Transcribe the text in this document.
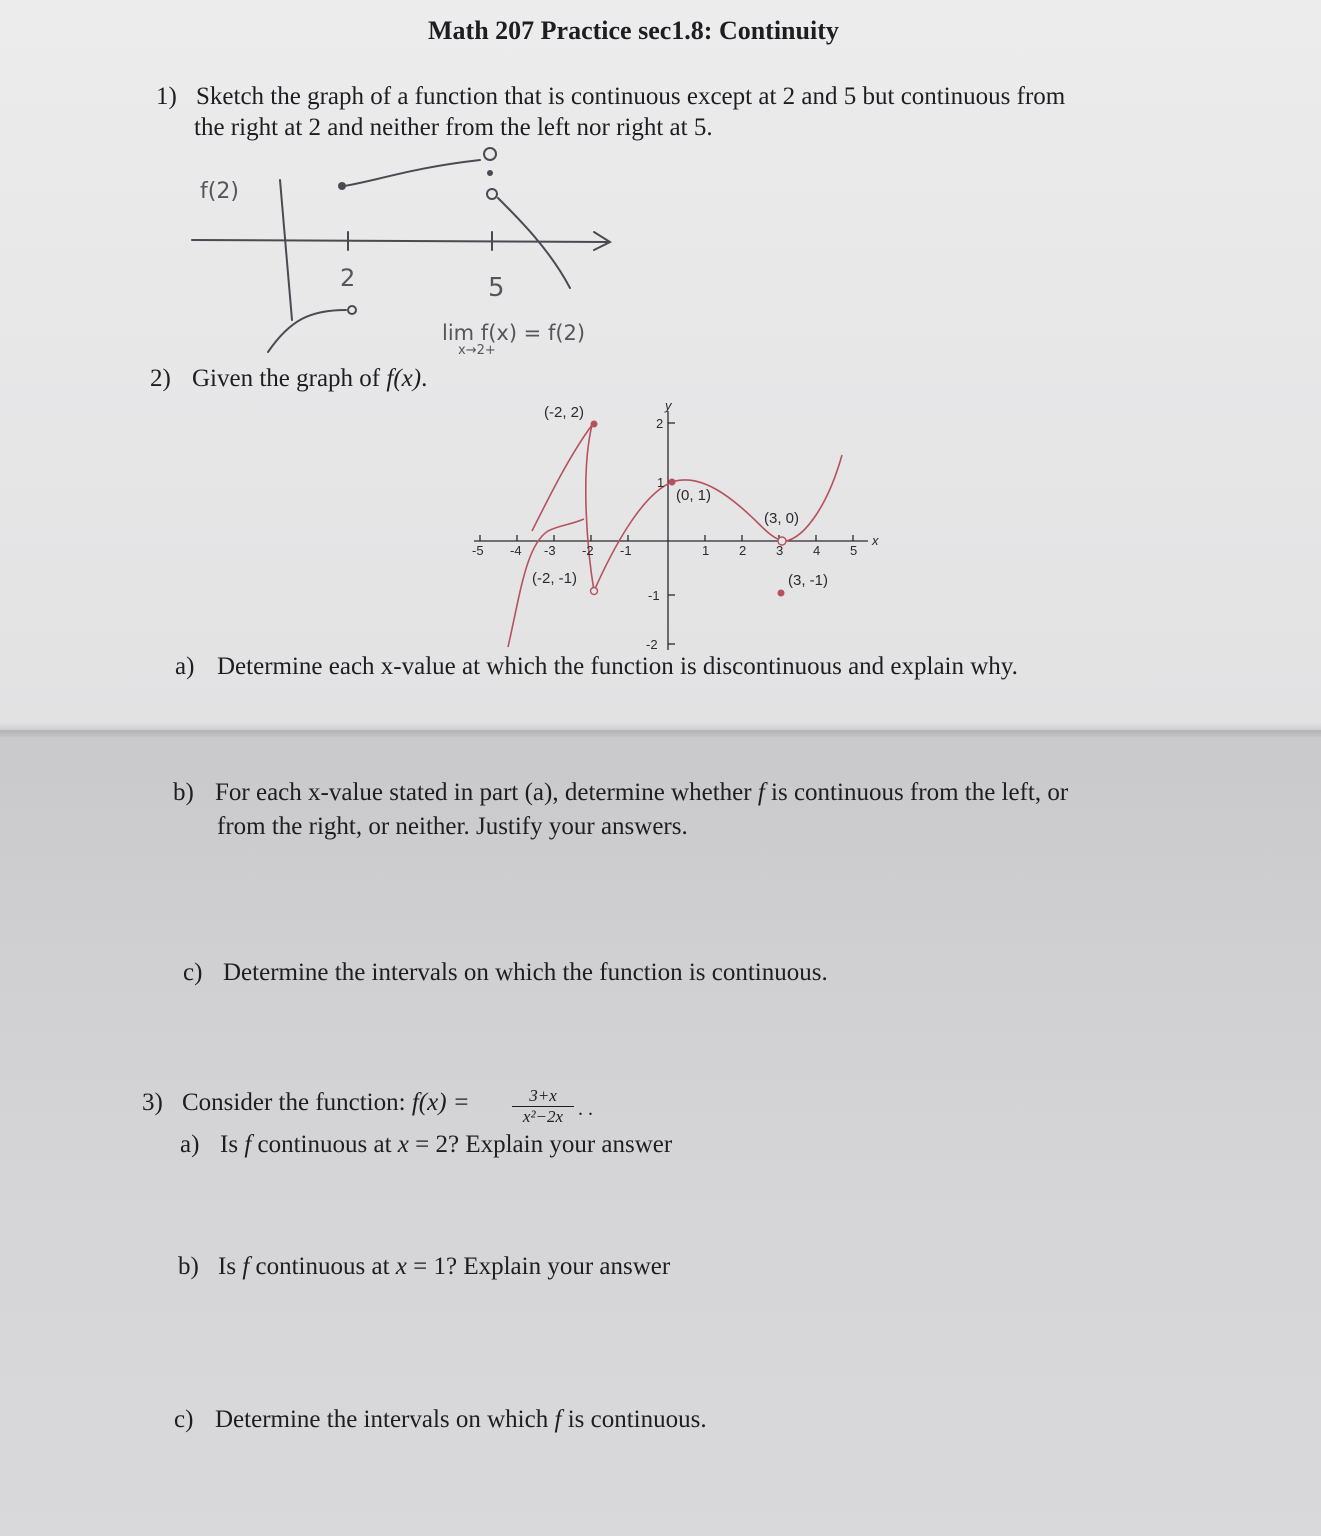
Math 207 Practice sec1.8: Continuity
1) Sketch the graph of a function that is continuous except at 2 and 5 but continuous from
the right at 2 and neither from the left nor right at 5.
f(2)
2	5
lim f(x) = f(2)
x→2+
2) Given the graph of f(x).
-5 -4 -3 -2 -1	1 2 3 4 5
2
1
-1
-2
y
x
(-2, 2)
(0, 1)
(3, 0)
(-2, -1)	(3, -1)
a) Determine each x-value at which the function is discontinuous and explain why.
b) For each x-value stated in part (a), determine whether f is continuous from the left, or
from the right, or neither. Justify your answers.
c) Determine the intervals on which the function is continuous.
3) Consider the function: $f(x) = \frac{3+x}{\text{x²−2x}}$ . .
a) Is f continuous at x = 2? Explain your answer
b) Is f continuous at x = 1? Explain your answer
c) Determine the intervals on which f is continuous.
